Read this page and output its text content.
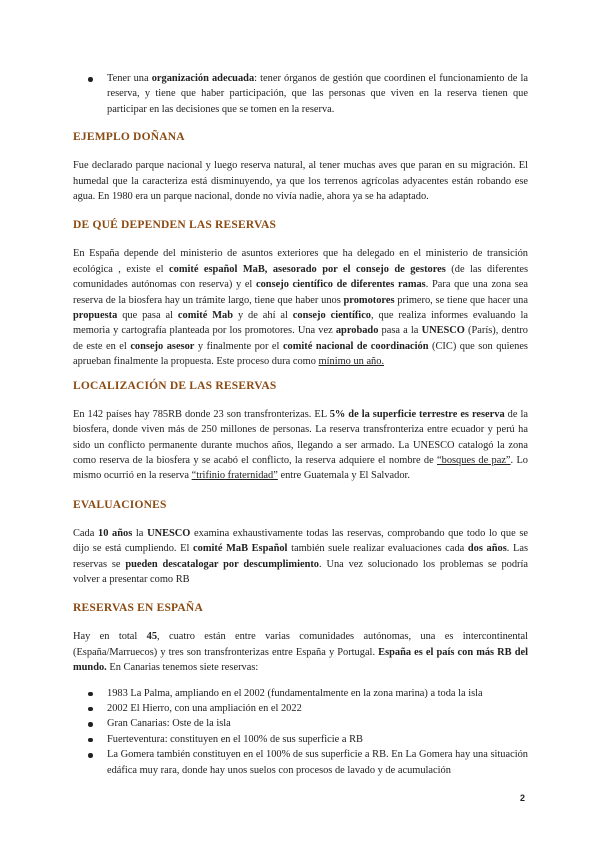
Tener una organización adecuada: tener órganos de gestión que coordinen el funcionamiento de la reserva, y tiene que haber participación, que las personas que viven en la reserva tienen que participar en las decisiones que se tomen en la reserva.

EJEMPLO DOÑANA

Fue declarado parque nacional y luego reserva natural, al tener muchas aves que paran en su migración. El humedal que la caracteriza está disminuyendo, ya que los terrenos agrícolas adyacentes están robando ese agua. En 1980 era un parque nacional, donde no vivía nadie, ahora ya se ha adaptado.

DE QUÉ DEPENDEN LAS RESERVAS

En España depende del ministerio de asuntos exteriores que ha delegado en el ministerio de transición ecológica , existe el comité español MaB, asesorado por el consejo de gestores (de las diferentes comunidades autónomas con reserva) y el consejo científico de diferentes ramas. Para que una zona sea reserva de la biosfera hay un trámite largo, tiene que haber unos promotores primero, se tiene que hacer una propuesta que pasa al comité Mab y de ahí al consejo científico, que realiza informes evaluando la memoria y cartografía planteada por los promotores. Una vez aprobado pasa a la UNESCO (París), dentro de este en el consejo asesor y finalmente por el comité nacional de coordinación (CIC) que son quienes aprueban finalmente la propuesta. Este proceso dura como mínimo un año.

LOCALIZACIÓN DE LAS RESERVAS

En 142 países hay 785RB donde 23 son transfronterizas. EL 5% de la superficie terrestre es reserva de la biosfera, donde viven más de 250 millones de personas. La reserva transfronteriza entre ecuador y perú ha sido un conflicto permanente durante muchos años, llegando a ser armado. La UNESCO catalogó la zona como reserva de la biosfera y se acabó el conflicto, la reserva adquiere el nombre de “bosques de paz”. Lo mismo ocurrió en la reserva “trifinio fraternidad” entre Guatemala y El Salvador.

EVALUACIONES

Cada 10 años la UNESCO examina exhaustivamente todas las reservas, comprobando que todo lo que se dijo se está cumpliendo. El comité MaB Español también suele realizar evaluaciones cada dos años. Las reservas se pueden descatalogar por descumplimiento. Una vez solucionado los problemas se podría volver a presentar como RB

RESERVAS EN ESPAÑA

Hay en total 45, cuatro están entre varias comunidades autónomas, una es intercontinental (España/Marruecos) y tres son transfronterizas entre España y Portugal. España es el país con más RB del mundo. En Canarias tenemos siete reservas:

1983 La Palma, ampliando en el 2002 (fundamentalmente en la zona marina) a toda la isla

2002 El Hierro, con una ampliación en el 2022

Gran Canarias: Oste de la isla

Fuerteventura: constituyen en el 100% de sus superficie a RB

La Gomera también constituyen en el 100% de sus superficie a RB. En La Gomera hay una situación edáfica muy rara, donde hay unos suelos con procesos de lavado y de acumulación

2
